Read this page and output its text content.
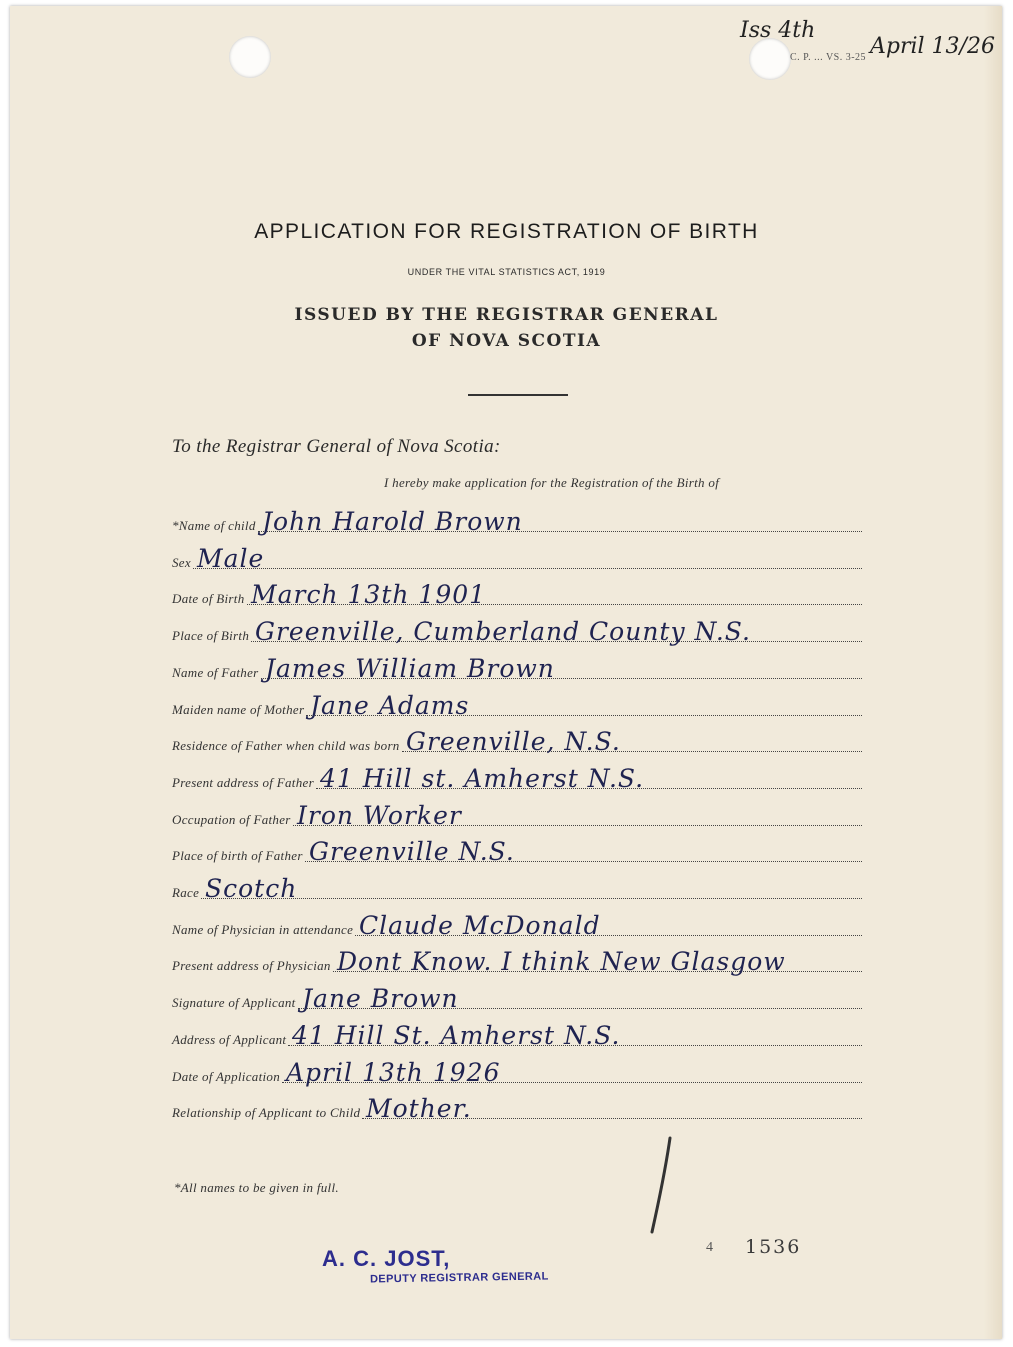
C. P. ... VS. 3-25
Iss 4th
April 13/26
APPLICATION FOR REGISTRATION OF BIRTH
UNDER THE VITAL STATISTICS ACT, 1919
ISSUED BY THE REGISTRAR GENERAL
OF NOVA SCOTIA
To the Registrar General of Nova Scotia:
I hereby make application for the Registration of the Birth of
*Name of child John Harold Brown
Sex Male
Date of Birth March 13th 1901
Place of Birth Greenville, Cumberland County N.S.
Name of Father James William Brown
Maiden name of Mother Jane Adams
Residence of Father when child was born Greenville, N.S.
Present address of Father 41 Hill st. Amherst N.S.
Occupation of Father Iron Worker
Place of birth of Father Greenville N.S.
Race Scotch
Name of Physician in attendance Claude McDonald
Present address of Physician Dont Know. I think New Glasgow
Signature of Applicant Jane Brown
Address of Applicant 41 Hill St. Amherst N.S.
Date of Application April 13th 1926
Relationship of Applicant to Child Mother.
*All names to be given in full.
4 1536
A. C. JOST,
DEPUTY REGISTRAR GENERAL
